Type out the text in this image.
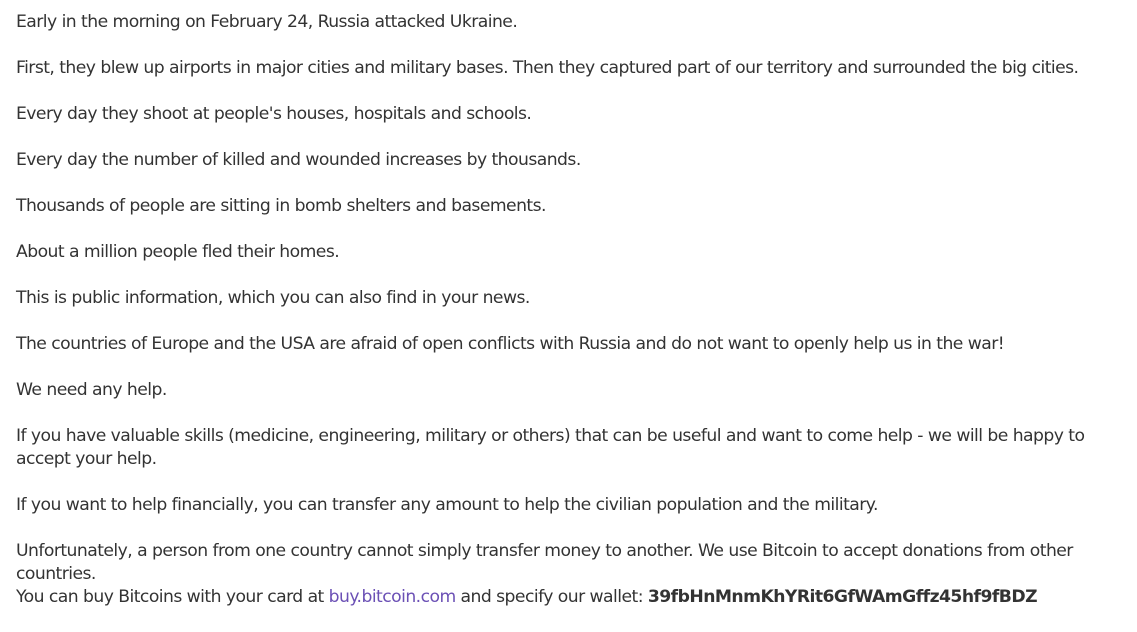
Early in the morning on February 24, Russia attacked Ukraine.

First, they blew up airports in major cities and military bases. Then they captured part of our territory and surrounded the big cities.

Every day they shoot at people's houses, hospitals and schools.

Every day the number of killed and wounded increases by thousands.

Thousands of people are sitting in bomb shelters and basements.

About a million people fled their homes.

This is public information, which you can also find in your news.

The countries of Europe and the USA are afraid of open conflicts with Russia and do not want to openly help us in the war!

We need any help.

If you have valuable skills (medicine, engineering, military or others) that can be useful and want to come help - we will be happy to accept your help.

If you want to help financially, you can transfer any amount to help the civilian population and the military.

Unfortunately, a person from one country cannot simply transfer money to another. We use Bitcoin to accept donations from other countries.

You can buy Bitcoins with your card at buy.bitcoin.com and specify our wallet: 39fbHnMnmKhYRit6GfWAmGffz45hf9fBDZ
